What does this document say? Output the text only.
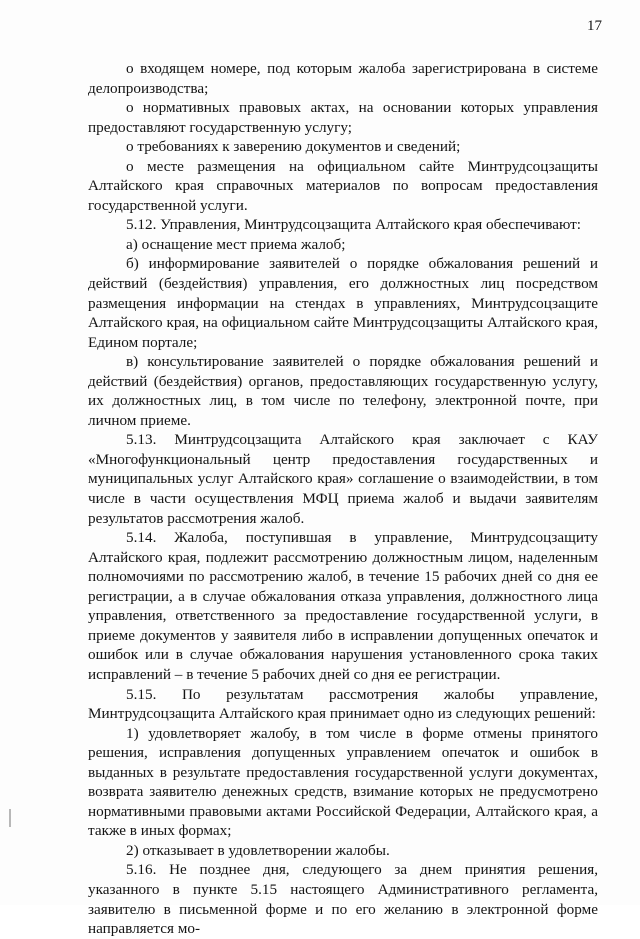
17

о входящем номере, под которым жалоба зарегистрирована в системе делопроизводства;

о нормативных правовых актах, на основании которых управления предоставляют государственную услугу;

о требованиях к заверению документов и сведений;

о месте размещения на официальном сайте Минтрудсоцзащиты Алтайского края справочных материалов по вопросам предоставления государственной услуги.

5.12. Управления, Минтрудсоцзащита Алтайского края обеспечивают:

а) оснащение мест приема жалоб;

б) информирование заявителей о порядке обжалования решений и действий (бездействия) управления, его должностных лиц посредством размещения информации на стендах в управлениях, Минтрудсоцзащите Алтайского края, на официальном сайте Минтрудсоцзащиты Алтайского края, Едином портале;

в) консультирование заявителей о порядке обжалования решений и действий (бездействия) органов, предоставляющих государственную услугу, их должностных лиц, в том числе по телефону, электронной почте, при личном приеме.

5.13. Минтрудсоцзащита Алтайского края заключает с КАУ «Многофункциональный центр предоставления государственных и муниципальных услуг Алтайского края» соглашение о взаимодействии, в том числе в части осуществления МФЦ приема жалоб и выдачи заявителям результатов рассмотрения жалоб.

5.14. Жалоба, поступившая в управление, Минтрудсоцзащиту Алтайского края, подлежит рассмотрению должностным лицом, наделенным полномочиями по рассмотрению жалоб, в течение 15 рабочих дней со дня ее регистрации, а в случае обжалования отказа управления, должностного лица управления, ответственного за предоставление государственной услуги, в приеме документов у заявителя либо в исправлении допущенных опечаток и ошибок или в случае обжалования нарушения установленного срока таких исправлений – в течение 5 рабочих дней со дня ее регистрации.

5.15. По результатам рассмотрения жалобы управление, Минтрудсоцзащита Алтайского края принимает одно из следующих решений:

1) удовлетворяет жалобу, в том числе в форме отмены принятого решения, исправления допущенных управлением опечаток и ошибок в выданных в результате предоставления государственной услуги документах, возврата заявителю денежных средств, взимание которых не предусмотрено нормативными правовыми актами Российской Федерации, Алтайского края, а также в иных формах;

2) отказывает в удовлетворении жалобы.

5.16. Не позднее дня, следующего за днем принятия решения, указанного в пункте 5.15 настоящего Административного регламента, заявителю в письменной форме и по его желанию в электронной форме направляется мо-
